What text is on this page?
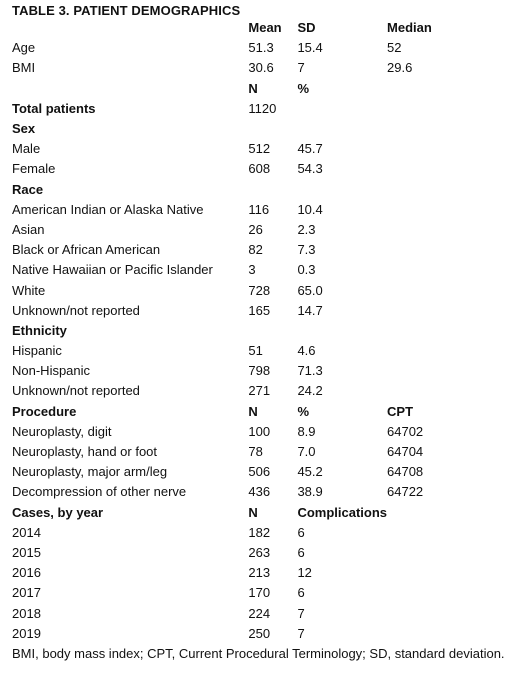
TABLE 3. PATIENT DEMOGRAPHICS
	Mean	SD	Median
Age	51.3	15.4	52
BMI	30.6	7	29.6
	N	%	
Total patients	1120		
Sex			
Male	512	45.7	
Female	608	54.3	
Race			
American Indian or Alaska Native	116	10.4	
Asian	26	2.3	
Black or African American	82	7.3	
Native Hawaiian or Pacific Islander	3	0.3	
White	728	65.0	
Unknown/not reported	165	14.7	
Ethnicity			
Hispanic	51	4.6	
Non-Hispanic	798	71.3	
Unknown/not reported	271	24.2	
Procedure	N	%	CPT
Neuroplasty, digit	100	8.9	64702
Neuroplasty, hand or foot	78	7.0	64704
Neuroplasty, major arm/leg	506	45.2	64708
Decompression of other nerve	436	38.9	64722
Cases, by year	N	Complications	
2014	182	6	
2015	263	6	
2016	213	12	
2017	170	6	
2018	224	7	
2019	250	7	
BMI, body mass index; CPT, Current Procedural Terminology; SD, standard deviation.
